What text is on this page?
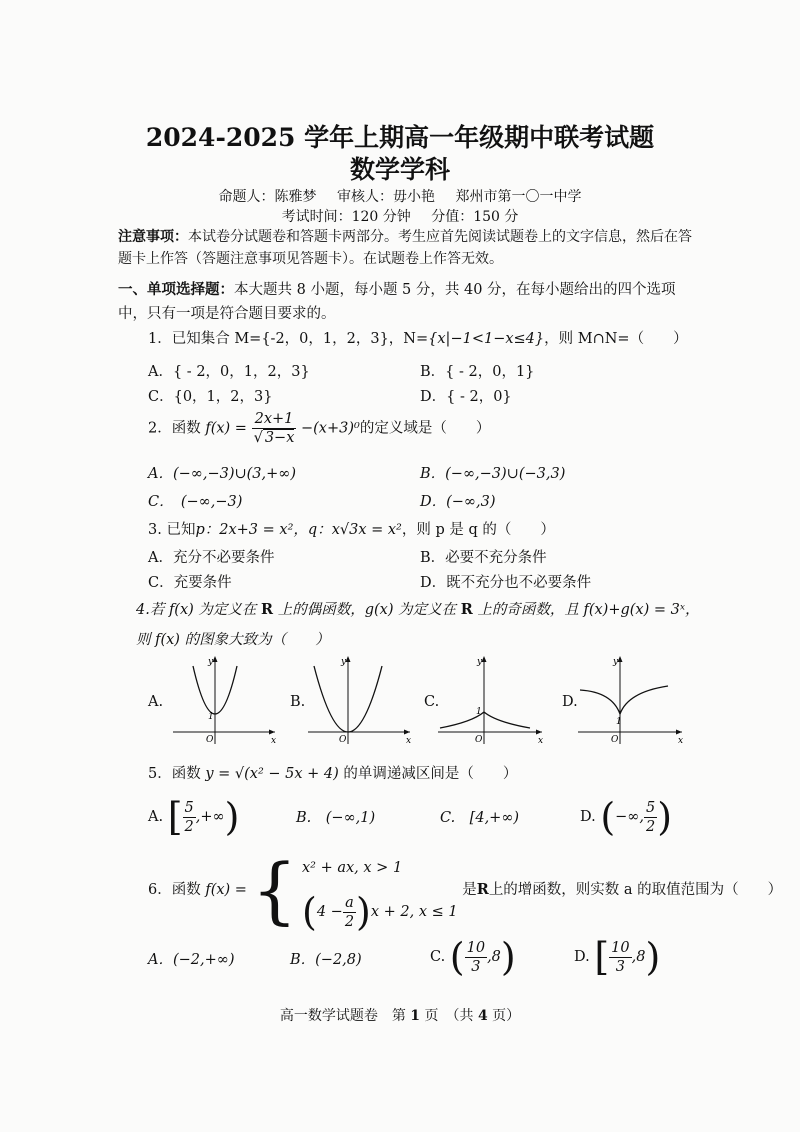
2024-2025 学年上期高一年级期中联考试题
数学学科
命题人：陈雅梦 审核人：毋小艳 郑州市第一〇一中学
考试时间：120 分钟 分值：150 分
注意事项：本试卷分试题卷和答题卡两部分。考生应首先阅读试题卷上的文字信息，然后在答题卡上作答（答题注意事项见答题卡）。在试题卷上作答无效。
一、单项选择题：本大题共 8 小题，每小题 5 分，共 40 分，在每小题给出的四个选项中，只有一项是符合题目要求的。
1．已知集合 M={-2，0，1，2，3}，N={x|−1<1−x≤4}，则 M∩N=（　　）
A．{ - 2，0，1，2，3}	B．{ - 2，0，1}
C．{0，1，2，3}	D．{ - 2，0}
2．函数 $f(x) = \frac{2x+1}{√ 3-x} -(x+3)^0$的定义域是（　　）
A．(−∞,−3)∪(3,+∞)	B．(−∞,−3)∪(−3,3)
C．　(−∞,−3)	D．(−∞,3)
3. 已知p：2x+3 = x²，q：x√3x = x²，则 p 是 q 的（　　）
A．充分不必要条件	B．必要不充分条件
C．充要条件	D．既不充分也不必要条件
4.若 f(x) 为定义在 R 上的偶函数，g(x) 为定义在 R 上的奇函数，且 f(x)+g(x) = 3ˣ，
则 f(x) 的图象大致为（　　）
A.	B.	C.	D.
y
x
O
1
y
x
O
y
x
O
1
y
x
O
1
5．函数 y = √(x² − 5x + 4) 的单调递减区间是（　　）
A. [ $\frac{5}{2}$ ,+∞)	B.　(−∞,1)	C.　[4,+∞)	D. (−∞, $\frac{5}{2}$ )
6．函数 f(x) = { x² + ax, x > 1
$(4 - \frac{a}{2} )x + 2$, x ≤ 1
是R上的增函数，则实数 a 的取值范围为（　　）
A．(−2,+∞)	B．(−2,8)	C. ( $\frac{10}{3} ,8$)	D. [ $\frac{10}{3} ,8$)
高一数学试题卷　第 1 页　（共 4 页）
